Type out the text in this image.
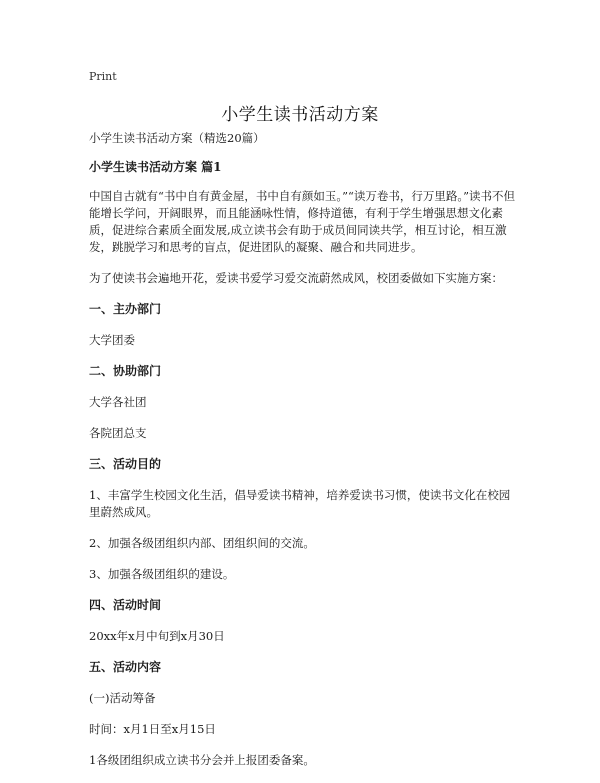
Print
小学生读书活动方案

小学生读书活动方案（精选20篇）

小学生读书活动方案 篇1

中国自古就有“书中自有黄金屋，书中自有颜如玉。”“读万卷书，行万里路。”读书不但能增长学问，开阔眼界，而且能涵咏性情，修持道德，有利于学生增强思想文化素质，促进综合素质全面发展,成立读书会有助于成员间同读共学，相互讨论，相互激发，跳脱学习和思考的盲点，促进团队的凝聚、融合和共同进步。

为了使读书会遍地开花，爱读书爱学习爱交流蔚然成风，校团委做如下实施方案：

一、主办部门

大学团委

二、协助部门

大学各社团

各院团总支

三、活动目的

1、丰富学生校园文化生活，倡导爱读书精神，培养爱读书习惯，使读书文化在校园里蔚然成风。

2、加强各级团组织内部、团组织间的交流。

3、加强各级团组织的建设。

四、活动时间

20xx年x月中旬到x月30日

五、活动内容

(一)活动筹备

时间：x月1日至x月15日

1各级团组织成立读书分会并上报团委备案。
